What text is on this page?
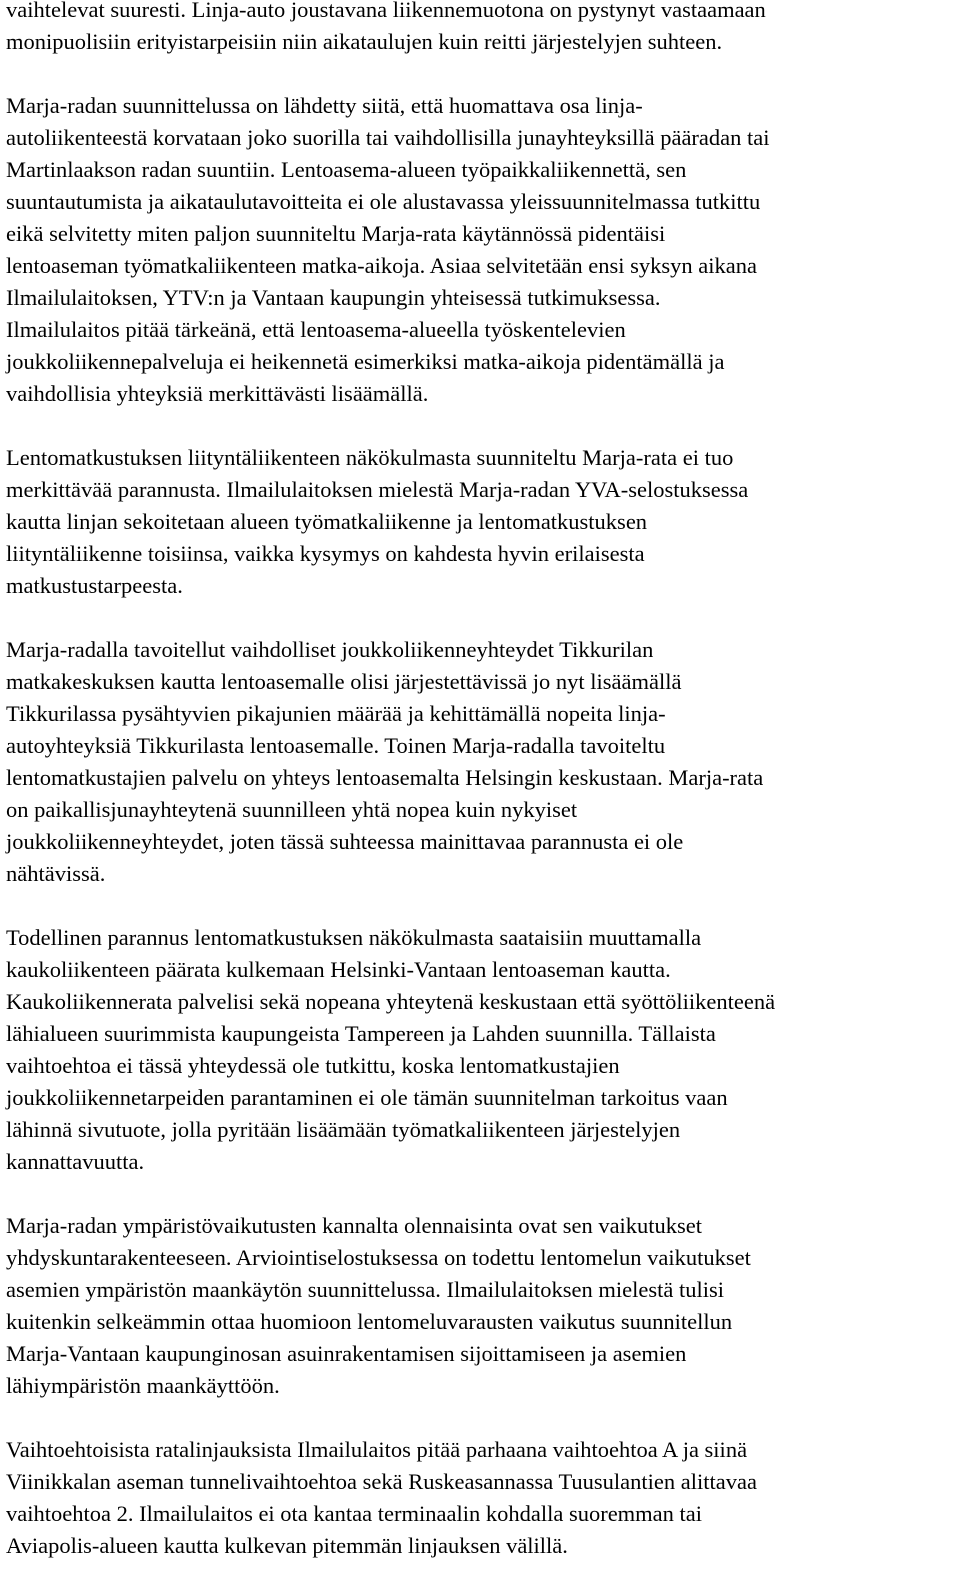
vaihtelevat suuresti. Linja-auto joustavana liikennemuotona on pystynyt vastaamaan
monipuolisiin erityistarpeisiin niin aikataulujen kuin reitti järjestelyjen suhteen.
Marja-radan suunnittelussa on lähdetty siitä, että huomattava osa linja-
autoliikenteestä korvataan joko suorilla tai vaihdollisilla junayhteyksillä pääradan tai
Martinlaakson radan suuntiin. Lentoasema-alueen työpaikkaliikennettä, sen
suuntautumista ja aikataulutavoitteita ei ole alustavassa yleissuunnitelmassa tutkittu
eikä selvitetty miten paljon suunniteltu Marja-rata käytännössä pidentäisi
lentoaseman työmatkaliikenteen matka-aikoja. Asiaa selvitetään ensi syksyn aikana
Ilmailulaitoksen, YTV:n ja Vantaan kaupungin yhteisessä tutkimuksessa.
Ilmailulaitos pitää tärkeänä, että lentoasema-alueella työskentelevien
joukkoliikennepalveluja ei heikennetä esimerkiksi matka-aikoja pidentämällä ja
vaihdollisia yhteyksiä merkittävästi lisäämällä.
Lentomatkustuksen liityntäliikenteen näkökulmasta suunniteltu Marja-rata ei tuo
merkittävää parannusta. Ilmailulaitoksen mielestä Marja-radan YVA-selostuksessa
kautta linjan sekoitetaan alueen työmatkaliikenne ja lentomatkustuksen
liityntäliikenne toisiinsa, vaikka kysymys on kahdesta hyvin erilaisesta
matkustustarpeesta.
Marja-radalla tavoitellut vaihdolliset joukkoliikenneyhteydet Tikkurilan
matkakeskuksen kautta lentoasemalle olisi järjestettävissä jo nyt lisäämällä
Tikkurilassa pysähtyvien pikajunien määrää ja kehittämällä nopeita linja-
autoyhteyksiä Tikkurilasta lentoasemalle. Toinen Marja-radalla tavoiteltu
lentomatkustajien palvelu on yhteys lentoasemalta Helsingin keskustaan. Marja-rata
on paikallisjunayhteytenä suunnilleen yhtä nopea kuin nykyiset
joukkoliikenneyhteydet, joten tässä suhteessa mainittavaa parannusta ei ole
nähtävissä.
Todellinen parannus lentomatkustuksen näkökulmasta saataisiin muuttamalla
kaukoliikenteen päärata kulkemaan Helsinki-Vantaan lentoaseman kautta.
Kaukoliikennerata palvelisi sekä nopeana yhteytenä keskustaan että syöttöliikenteenä
lähialueen suurimmista kaupungeista Tampereen ja Lahden suunnilla. Tällaista
vaihtoehtoa ei tässä yhteydessä ole tutkittu, koska lentomatkustajien
joukkoliikennetarpeiden parantaminen ei ole tämän suunnitelman tarkoitus vaan
lähinnä sivutuote, jolla pyritään lisäämään työmatkaliikenteen järjestelyjen
kannattavuutta.
Marja-radan ympäristövaikutusten kannalta olennaisinta ovat sen vaikutukset
yhdyskuntarakenteeseen. Arviointiselostuksessa on todettu lentomelun vaikutukset
asemien ympäristön maankäytön suunnittelussa. Ilmailulaitoksen mielestä tulisi
kuitenkin selkeämmin ottaa huomioon lentomeluvarausten vaikutus suunnitellun
Marja-Vantaan kaupunginosan asuinrakentamisen sijoittamiseen ja asemien
lähiympäristön maankäyttöön.
Vaihtoehtoisista ratalinjauksista Ilmailulaitos pitää parhaana vaihtoehtoa A ja siinä
Viinikkalan aseman tunnelivaihtoehtoa sekä Ruskeasannassa Tuusulantien alittavaa
vaihtoehtoa 2. Ilmailulaitos ei ota kantaa terminaalin kohdalla suoremman tai
Aviapolis-alueen kautta kulkevan pitemmän linjauksen välillä.
